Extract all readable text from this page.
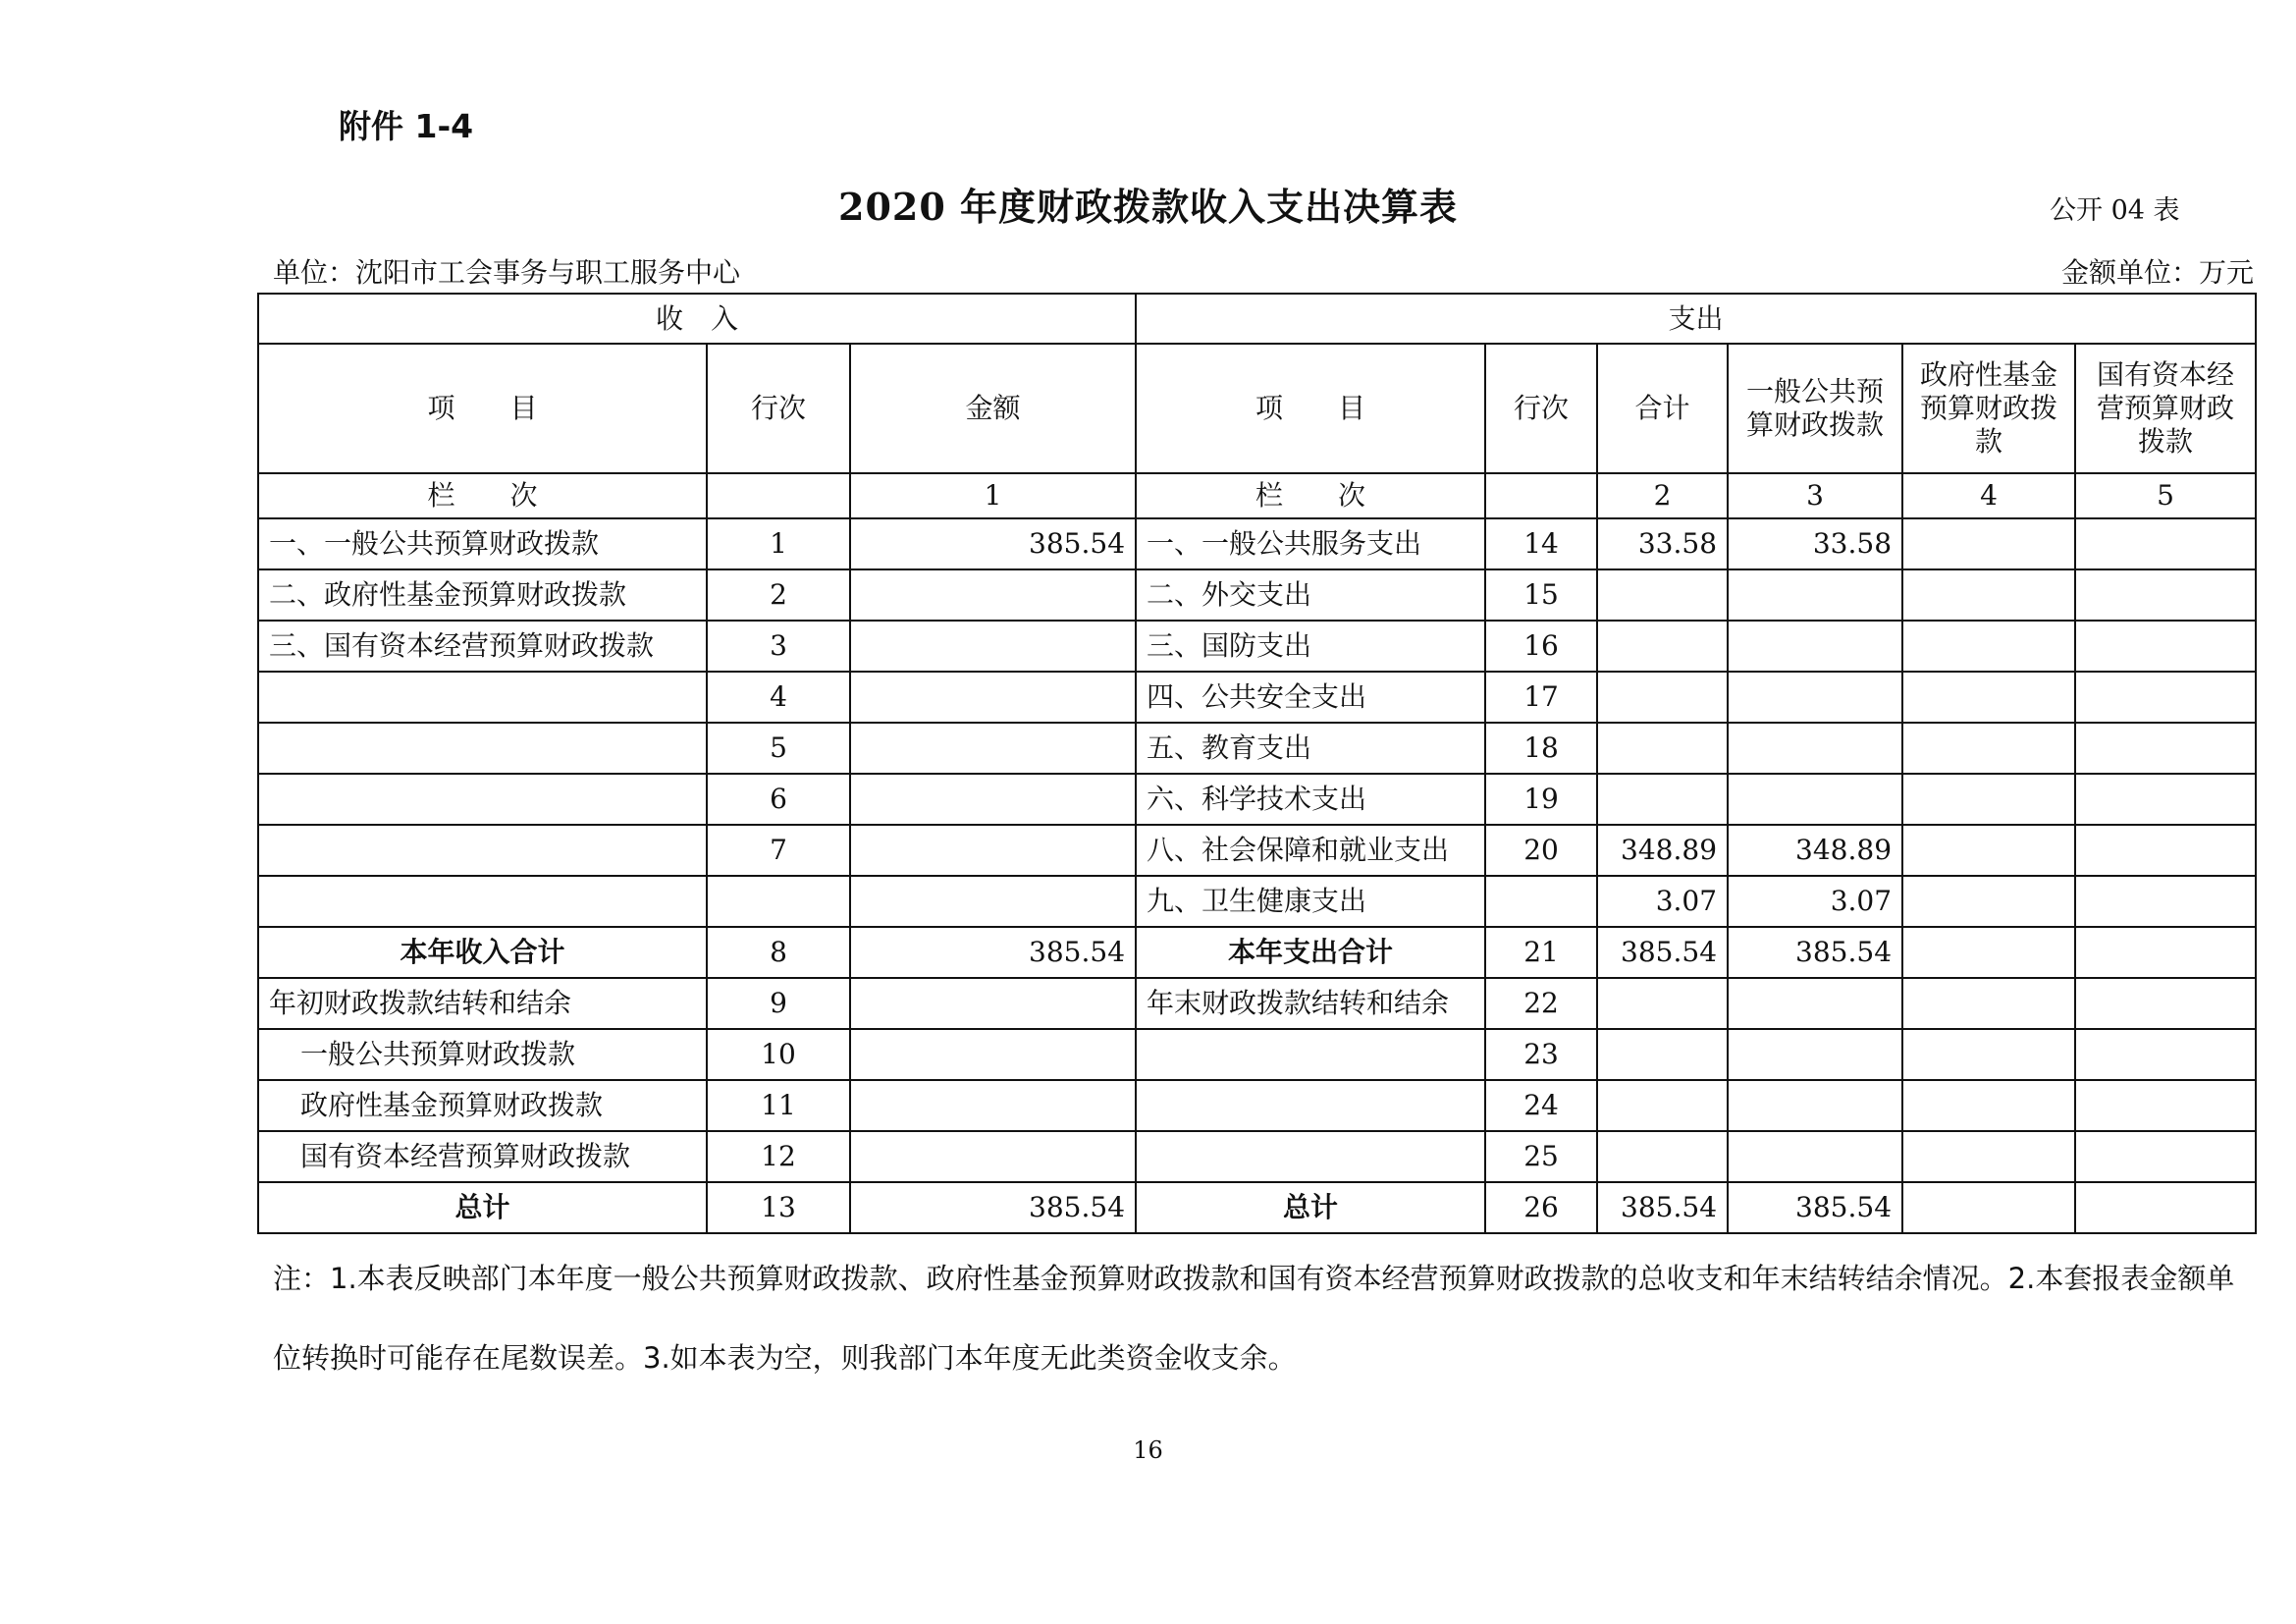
附件 1-4
2020 年度财政拨款收入支出决算表	公开 04 表
单位：沈阳市工会事务与职工服务中心	金额单位：万元
收　入			支出					
项　　目	行次	金额	项　　目	行次	合计	一般公共预算财政拨款	政府性基金预算财政拨款	国有资本经营预算财政拨款
栏　　次		1	栏　　次		2	3	4	5
一、一般公共预算财政拨款	1	385.54	一、一般公共服务支出	14	33.58	33.58		
二、政府性基金预算财政拨款	2		二、外交支出	15				
三、国有资本经营预算财政拨款	3		三、国防支出	16				
	4		四、公共安全支出	17				
	5		五、教育支出	18				
	6		六、科学技术支出	19				
	7		八、社会保障和就业支出	20	348.89	348.89		
			九、卫生健康支出		3.07	3.07		
本年收入合计	8	385.54	本年支出合计	21	385.54	385.54		
年初财政拨款结转和结余	9		年末财政拨款结转和结余	22				
一般公共预算财政拨款	10			23				
政府性基金预算财政拨款	11			24				
国有资本经营预算财政拨款	12			25				
总计	13	385.54	总计	26	385.54	385.54		
注：1.本表反映部门本年度一般公共预算财政拨款、政府性基金预算财政拨款和国有资本经营预算财政拨款的总收支和年末结转结余情况。2.本套报表金额单位转换时可能存在尾数误差。3.如本表为空，则我部门本年度无此类资金收支余。
16
